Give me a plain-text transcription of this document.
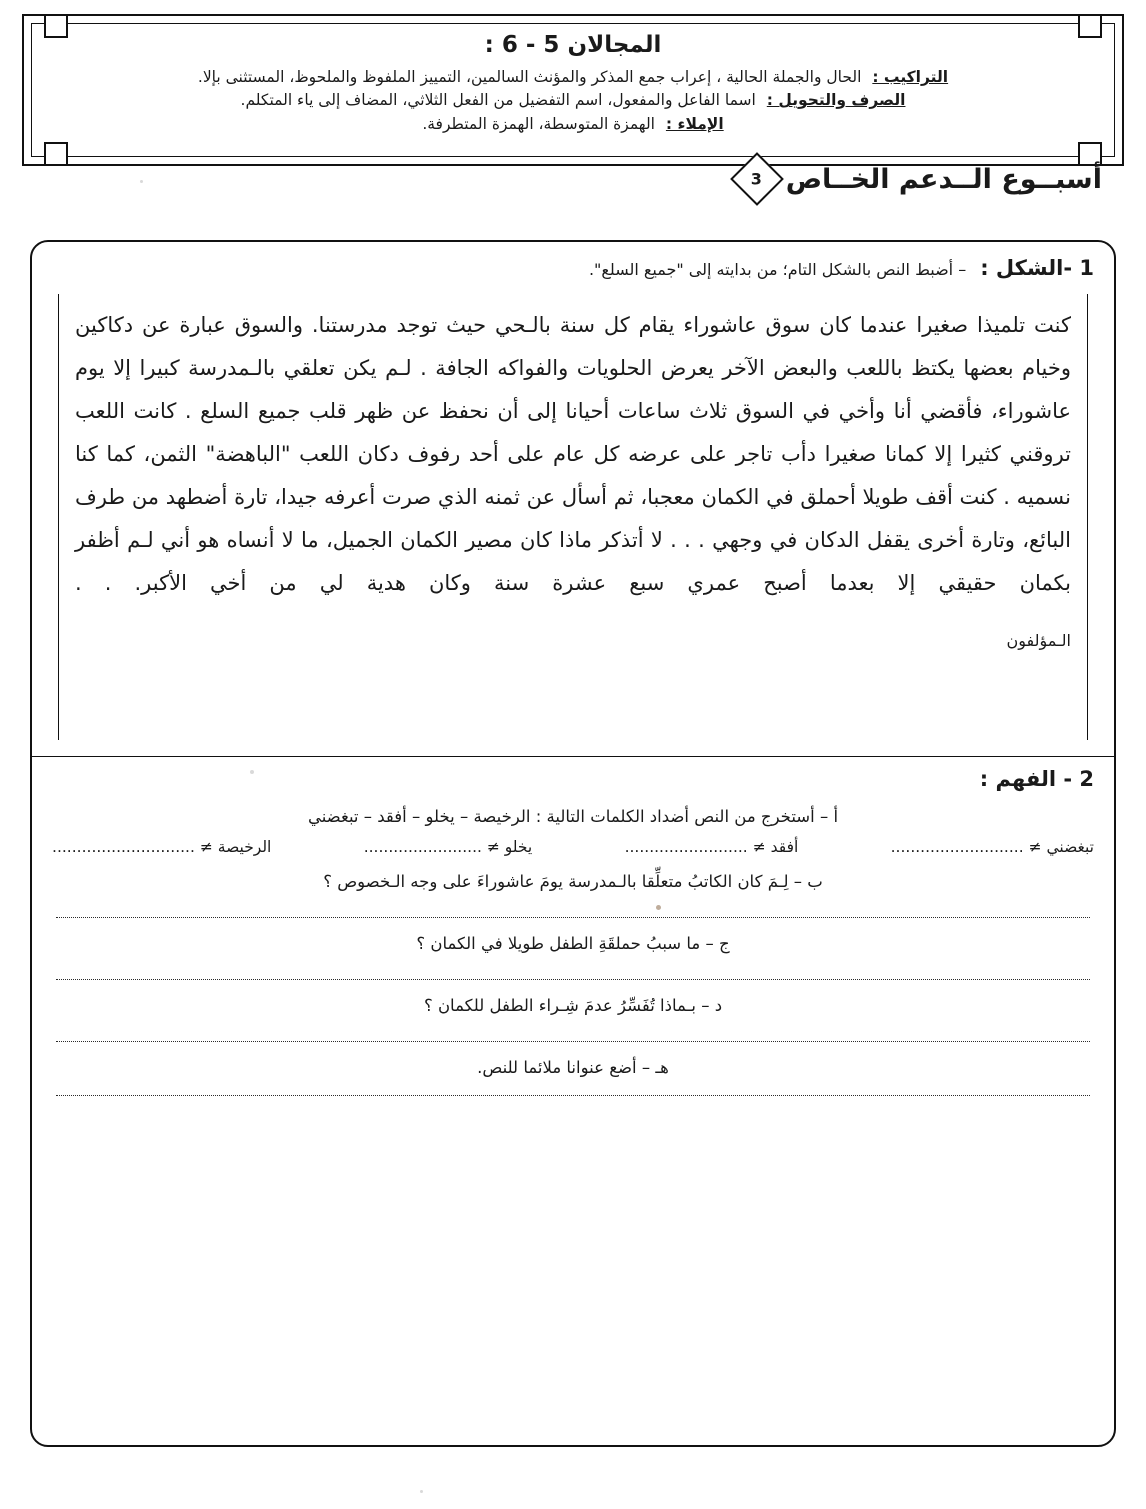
المجالان 5 - 6 :
التراكيب : الحال والجملة الحالية ، إعراب جمع المذكر والمؤنث السالمين، التمييز الملفوظ والملحوظ، المستثنى بإلا.
الصرف والتحويل : اسما الفاعل والمفعول، اسم التفضيل من الفعل الثلاثي، المضاف إلى ياء المتكلم.
الإملاء : الهمزة المتوسطة، الهمزة المتطرفة.
أسبــوع الــدعم الخــاص
3
1 -الشكل :
– أضبط النص بالشكل التام؛ من بدايته إلى "جميع السلع".

كنت تلميذا صغيرا عندما كان سوق عاشوراء يقام كل سنة بالـحي حيث توجد مدرستنا. والسوق عبارة عن دكاكين وخيام بعضها يكتظ باللعب والبعض الآخر يعرض الحلويات والفواكه الجافة . لـم يكن تعلقي بالـمدرسة كبيرا إلا يوم عاشوراء، فأقضي أنا وأخي في السوق ثلاث ساعات أحيانا إلى أن نحفظ عن ظهر قلب جميع السلع . كانت اللعب تروقني كثيرا إلا كمانا صغيرا دأب تاجر على عرضه كل عام على أحد رفوف دكان اللعب "الباهضة" الثمن، كما كنا نسميه . كنت أقف طويلا أحملق في الكمان معجبا، ثم أسأل عن ثمنه الذي صرت أعرفه جيدا، تارة أضطهد من طرف البائع، وتارة أخرى يقفل الدكان في وجهي . . . لا أتذكر ماذا كان مصير الكمان الجميل، ما لا أنساه هو أني لـم أظفر بكمان حقيقي إلا بعدما أصبح عمري سبع عشرة سنة وكان هدية لي من أخي الأكبر. . .

الـمؤلفون
2 - الفهم :
أ – أستخرج من النص أضداد الكلمات التالية : الرخيصة – يخلو – أفقد – تبغضني
الرخيصة ≠ .............................	يخلو ≠ ........................	أفقد ≠ .........................	تبغضني ≠ ...........................
ب – لِـمَ كان الكاتبُ متعلِّقا بالـمدرسة يومَ عاشوراءَ على وجه الـخصوص ؟
ج – ما سببُ حملقَةِ الطفل طويلا في الكمان ؟
د – بـماذا تُفَسِّرُ عدمَ شِـراء الطفل للكمان ؟
هـ – أضع عنوانا ملائما للنص.
